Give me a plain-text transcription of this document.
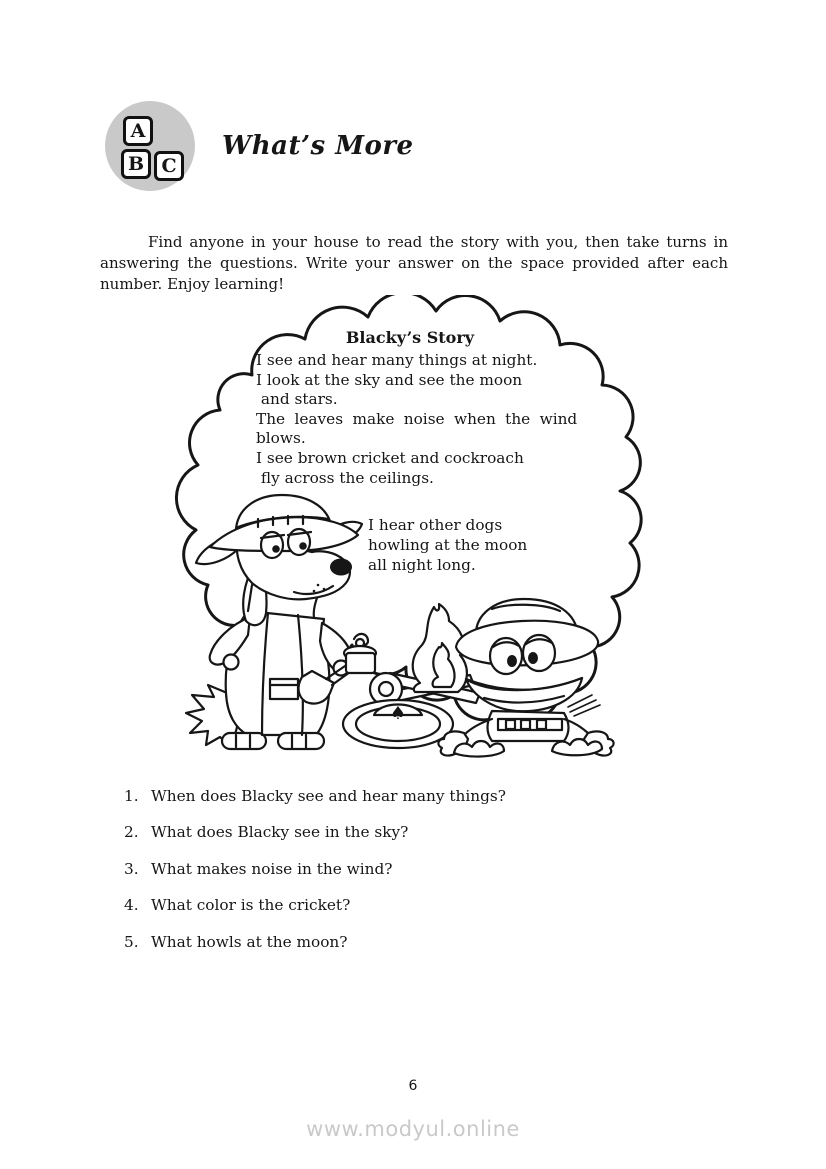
A
B C
What’s More

Find anyone in your house to read the story with you, then take turns in answering the questions. Write your answer on the space provided after each number. Enjoy learning!

♠
Blacky’s Story
I see and hear many things at night.
I look at the sky and see the moon
and stars.
The leaves make noise when the wind
blows.
I see brown cricket and cockroach
fly across the ceilings.
I hear other dogs
howling at the moon
all night long.
1. When does Blacky see and hear many things?
2. What does Blacky see in the sky?
3. What makes noise in the wind?
4. What color is the cricket?
5. What howls at the moon?
6
www.modyul.online
